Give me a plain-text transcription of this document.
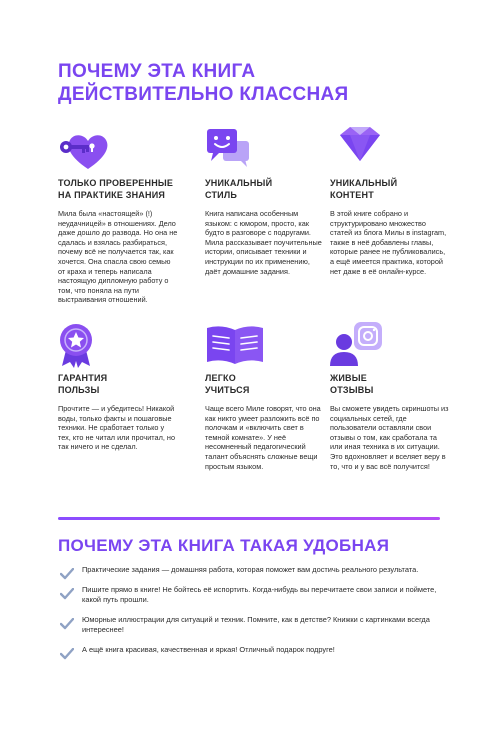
ПОЧЕМУ ЭТА КНИГА
ДЕЙСТВИТЕЛЬНО КЛАССНАЯ
ТОЛЬКО ПРОВЕРЕННЫЕ
НА ПРАКТИКЕ ЗНАНИЯ
Мила была «настоящей» (!) неудачницей» в отношениях. Дело даже дошло до развода. Но она не сдалась и взялась разбираться, почему всё не получается так, как хочется. Она спасла свою семью от краха и теперь написала настоящую дипломную работу о том, что поняла на пути выстраивания отношений.
УНИКАЛЬНЫЙ
СТИЛЬ
Книга написана особенным языком: с юмором, просто, как будто в разговоре с подругами. Мила рассказывает поучительные истории, описывает техники и инструкции по их применению, даёт домашние задания.
УНИКАЛЬНЫЙ
КОНТЕНТ
В этой книге собрано и структурировано множество статей из блога Милы в instagram, также в неё добавлены главы, которые ранее не публиковались, а ещё имеется практика, которой нет даже в её онлайн-курсе.
ГАРАНТИЯ
ПОЛЬЗЫ
Прочтите — и убедитесь! Никакой воды, только факты и пошаговые техники. Не сработает только у тех, кто не читал или прочитал, но так ничего и не сделал.
ЛЕГКО
УЧИТЬСЯ
Чаще всего Миле говорят, что она как никто умеет разложить всё по полочкам и «включить свет в темной комнате». У неё несомненный педагогический талант объяснять сложные вещи простым языком.
ЖИВЫЕ
ОТЗЫВЫ
Вы сможете увидеть скриншоты из социальных сетей, где пользователи оставляли свои отзывы о том, как сработала та или иная техника в их ситуации. Это вдохновляет и вселяет веру в то, что и у вас всё получится!
ПОЧЕМУ ЭТА КНИГА ТАКАЯ УДОБНАЯ
Практические задания — домашняя работа, которая поможет вам достичь реального результата.
Пишите прямо в книге! Не бойтесь её испортить. Когда-нибудь вы перечитаете свои записи и поймете, какой путь прошли.
Юморные иллюстрации для ситуаций и техник. Помните, как в детстве? Книжки с картинками всегда интереснее!
А ещё книга красивая, качественная и яркая! Отличный подарок подруге!
